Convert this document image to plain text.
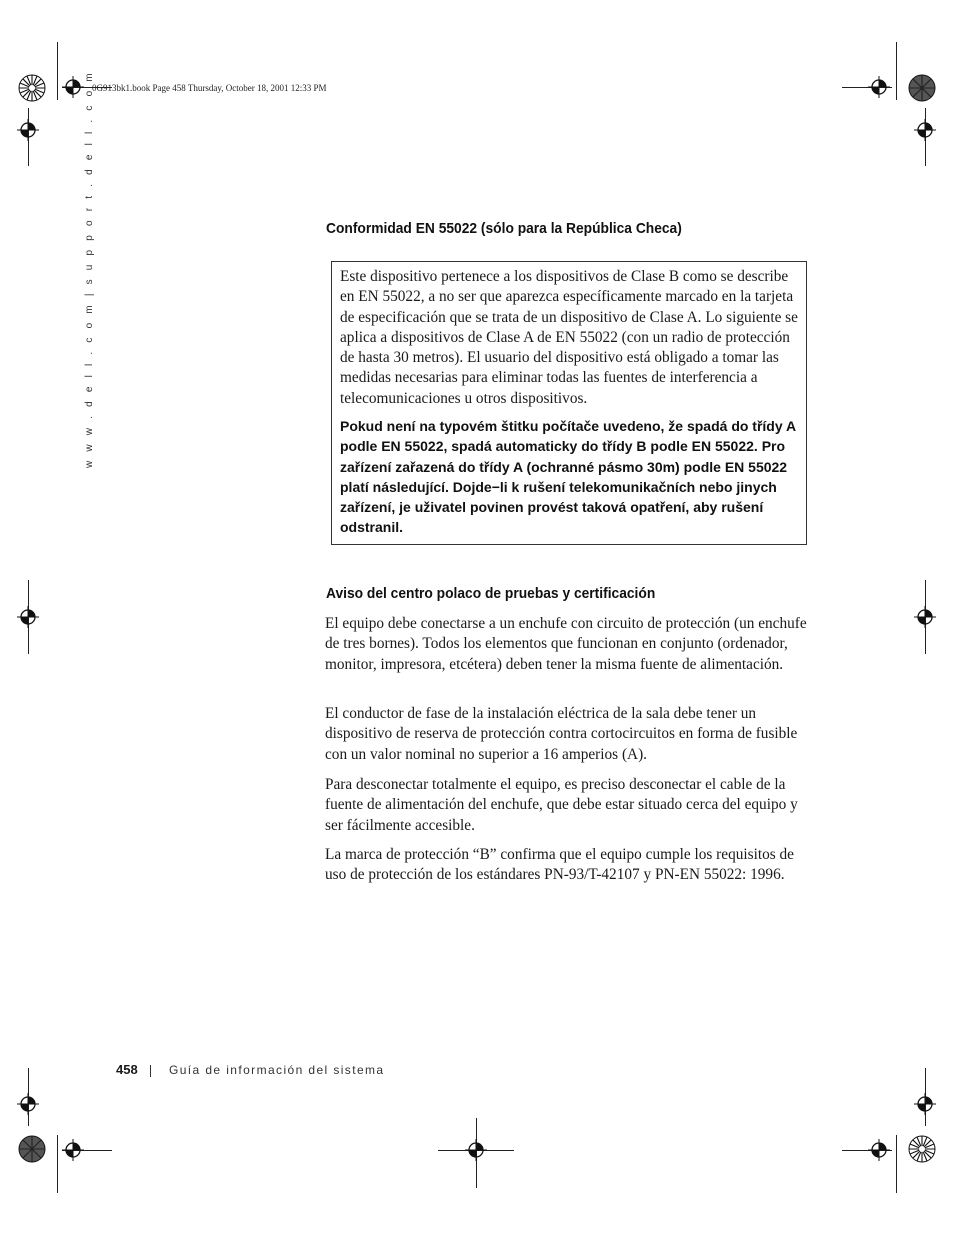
0G913bk1.book Page 458 Thursday, October 18, 2001 12:33 PM
w w w . d e l l . c o m | s u p p o r t . d e l l . c o m	Conformidad EN 55022 (sólo para la República Checa)

Este dispositivo pertenece a los dispositivos de Clase B como se describe en EN 55022, a no ser que aparezca específicamente marcado en la tarjeta de especificación que se trata de un dispositivo de Clase A. Lo siguiente se aplica a dispositivos de Clase A de EN 55022 (con un radio de protección de hasta 30 metros). El usuario del dispositivo está obligado a tomar las medidas necesarias para eliminar todas las fuentes de interferencia a telecomunicaciones u otros dispositivos.

Pokud není na typovém štitku počítače uvedeno, že spadá do třídy A podle EN 55022, spadá automaticky do třídy B podle EN 55022. Pro zařízení zařazená do třídy A (ochranné pásmo 30m) podle EN 55022 platí následující. Dojde−li k rušení telekomunikačních nebo jinych zařízení, je uživatel povinen provést taková opatření, aby rušení odstranil.

Aviso del centro polaco de pruebas y certificación

El equipo debe conectarse a un enchufe con circuito de protección (un enchufe de tres bornes). Todos los elementos que funcionan en conjunto (ordenador, monitor, impresora, etcétera) deben tener la misma fuente de alimentación.

El conductor de fase de la instalación eléctrica de la sala debe tener un dispositivo de reserva de protección contra cortocircuitos en forma de fusible con un valor nominal no superior a 16 amperios (A).

Para desconectar totalmente el equipo, es preciso desconectar el cable de la fuente de alimentación del enchufe, que debe estar situado cerca del equipo y ser fácilmente accesible.

La marca de protección “B” confirma que el equipo cumple los requisitos de uso de protección de los estándares PN-93/T-42107 y PN-EN 55022: 1996.

458	Guía de información del sistema
